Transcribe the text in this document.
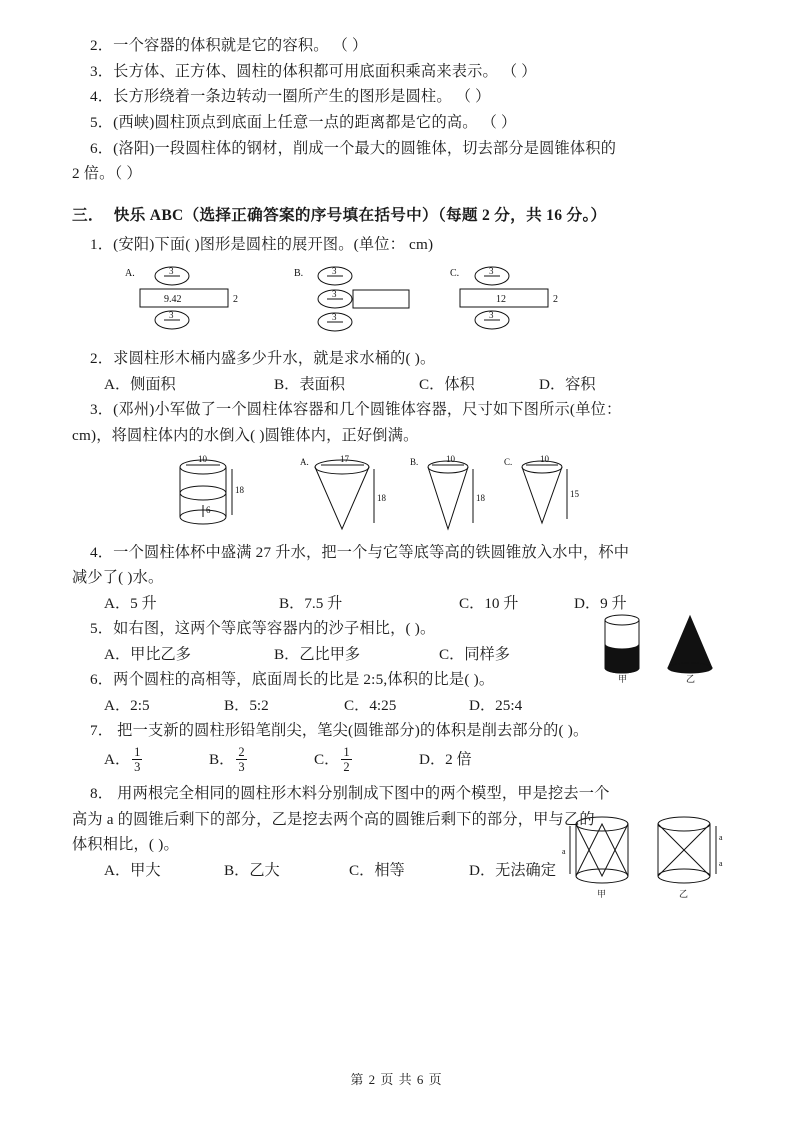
2．一个容器的体积就是它的容积。 （ ）
3．长方体、正方体、圆柱的体积都可用底面积乘高来表示。 （ ）
4．长方形绕着一条边转动一圈所产生的图形是圆柱。 （ ）
5．(西峡)圆柱顶点到底面上任意一点的距离都是它的高。 （ ）
6．(洛阳)一段圆柱体的钢材，削成一个最大的圆锥体，切去部分是圆锥体积的
2 倍。（ ）
三． 快乐 ABC（选择正确答案的序号填在括号中）（每题 2 分，共 16 分。）
1．(安阳)下面( )图形是圆柱的展开图。(单位： cm)
A.	3
9.42	2
3
B.	3
3
3
C.	3
12	2
3
2．求圆柱形木桶内盛多少升水，就是求水桶的( )。
A．侧面积	B．表面积	C．体积	D．容积
3．(邓州)小军做了一个圆柱体容器和几个圆锥体容器，尺寸如下图所示(单位：
cm)，将圆柱体内的水倒入( )圆锥体内，正好倒满。
10
18
6
A.	17
18
B.	10
18
C.	10
15
4．一个圆柱体杯中盛满 27 升水，把一个与它等底等高的铁圆锥放入水中，杯中
减少了( )水。
A．5 升	B．7.5 升	C．10 升	D．9 升
5．如右图，这两个等底等容器内的沙子相比，( )。
A．甲比乙多	B．乙比甲多	C．同样多
甲	乙
6．两个圆柱的高相等，底面周长的比是 2:5,体积的比是( )。
A．2:5	B．5:2	C．4:25	D．25:4
7． 把一支新的圆柱形铅笔削尖，笔尖(圆锥部分)的体积是削去部分的( )。
A． $\frac{1}{3}$	B． $\frac{2}{3}$	C． $\frac{1}{2}$	D．2 倍
8． 用两根完全相同的圆柱形木料分别制成下图中的两个模型，甲是挖去一个
高为 a 的圆锥后剩下的部分，乙是挖去两个高的圆锥后剩下的部分，甲与乙的
体积相比，( )。
A．甲大	B．乙大	C．相等	D．无法确定
a
甲
a
a
乙
第 2 页 共 6 页
